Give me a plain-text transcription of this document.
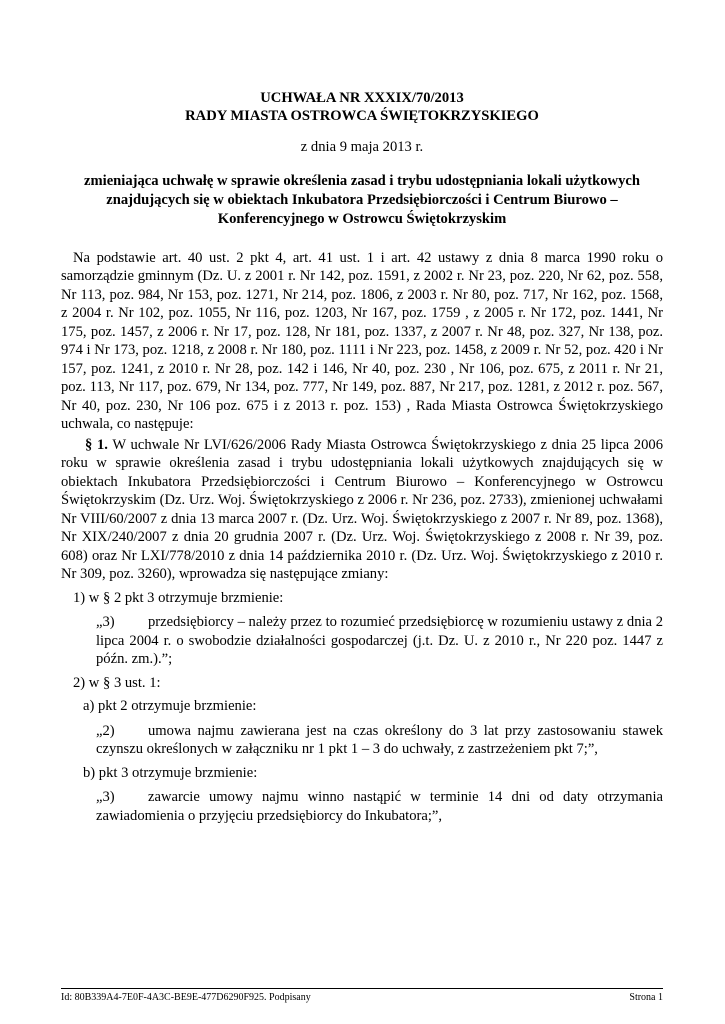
UCHWAŁA NR XXXIX/70/2013

RADY MIASTA OSTROWCA ŚWIĘTOKRZYSKIEGO

z dnia 9 maja 2013 r.

zmieniająca uchwałę w sprawie określenia zasad i trybu udostępniania lokali użytkowych znajdujących się w obiektach Inkubatora Przedsiębiorczości i Centrum Biurowo – Konferencyjnego w Ostrowcu Świętokrzyskim

Na podstawie art. 40 ust. 2 pkt 4, art. 41 ust. 1 i art. 42 ustawy z dnia 8 marca 1990 roku o samorządzie gminnym (Dz. U. z 2001 r. Nr 142, poz. 1591, z 2002 r. Nr 23, poz. 220, Nr 62, poz. 558, Nr 113, poz. 984, Nr 153, poz. 1271, Nr 214, poz. 1806, z 2003 r. Nr 80, poz. 717, Nr 162, poz. 1568, z 2004 r. Nr 102, poz. 1055, Nr 116, poz. 1203, Nr 167, poz. 1759 , z 2005 r. Nr 172, poz. 1441, Nr 175, poz. 1457, z 2006 r. Nr 17, poz. 128, Nr 181, poz. 1337, z 2007 r. Nr 48, poz. 327, Nr 138, poz. 974 i Nr 173, poz. 1218, z 2008 r. Nr 180, poz. 1111 i Nr 223, poz. 1458, z 2009 r. Nr 52, poz. 420 i Nr 157, poz. 1241, z 2010 r. Nr 28, poz. 142 i 146, Nr 40, poz. 230 , Nr 106, poz. 675, z 2011 r. Nr 21, poz. 113, Nr 117, poz. 679, Nr 134, poz. 777, Nr 149, poz. 887, Nr 217, poz. 1281, z 2012 r. poz. 567, Nr 40, poz. 230, Nr 106 poz. 675 i z 2013 r. poz. 153) , Rada Miasta Ostrowca Świętokrzyskiego uchwala, co następuje:

§ 1. W uchwale Nr LVI/626/2006 Rady Miasta Ostrowca Świętokrzyskiego z dnia 25 lipca 2006 roku w sprawie określenia zasad i trybu udostępniania lokali użytkowych znajdujących się w obiektach Inkubatora Przedsiębiorczości i Centrum Biurowo – Konferencyjnego w Ostrowcu Świętokrzyskim (Dz. Urz. Woj. Świętokrzyskiego z 2006 r. Nr 236, poz. 2733), zmienionej uchwałami Nr VIII/60/2007 z dnia 13 marca 2007 r. (Dz. Urz. Woj. Świętokrzyskiego z 2007 r. Nr 89, poz. 1368), Nr XIX/240/2007 z dnia 20 grudnia 2007 r. (Dz. Urz. Woj. Świętokrzyskiego z 2008 r. Nr 39, poz. 608) oraz Nr LXI/778/2010 z dnia 14 października 2010 r. (Dz. Urz. Woj. Świętokrzyskiego z 2010 r. Nr 309, poz. 3260), wprowadza się następujące zmiany:

1) w § 2 pkt 3 otrzymuje brzmienie:

„3) przedsiębiorcy – należy przez to rozumieć przedsiębiorcę w rozumieniu ustawy z dnia 2 lipca 2004 r. o swobodzie działalności gospodarczej (j.t. Dz. U. z 2010 r., Nr 220 poz. 1447 z późn. zm.).”;

2) w § 3 ust. 1:

a) pkt 2 otrzymuje brzmienie:

„2) umowa najmu zawierana jest na czas określony do 3 lat przy zastosowaniu stawek czynszu określonych w załączniku nr 1 pkt 1 – 3 do uchwały, z zastrzeżeniem pkt 7;”,

b) pkt 3 otrzymuje brzmienie:

„3) zawarcie umowy najmu winno nastąpić w terminie 14 dni od daty otrzymania zawiadomienia o przyjęciu przedsiębiorcy do Inkubatora;”,

Id: 80B339A4-7E0F-4A3C-BE9E-477D6290F925. Podpisany	Strona 1
